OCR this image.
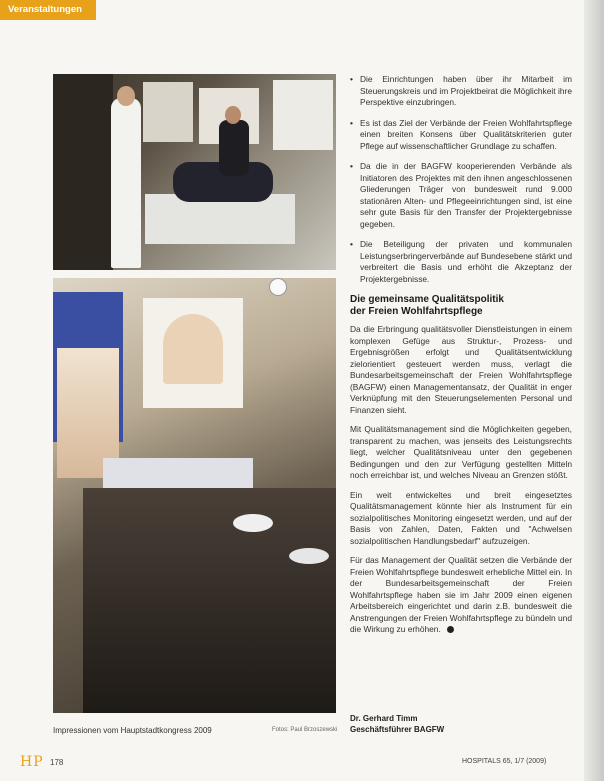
Veranstaltungen
Impressionen vom Hauptstadtkongress 2009	Fotos: Paul Brzoszewski
• Die Einrichtungen haben über ihr Mitarbeit im Steuerungskreis und im Projektbeirat die Möglichkeit ihre Perspektive einzubringen.
• Es ist das Ziel der Verbände der Freien Wohlfahrtspflege einen breiten Konsens über Qualitätskriterien guter Pflege auf wissenschaftlicher Grundlage zu schaffen.
• Da die in der BAGFW kooperierenden Verbände als Initiatoren des Projektes mit den ihnen angeschlossenen Gliederungen Träger von bundesweit rund 9.000 stationären Alten- und Pflegeeinrichtungen sind, ist eine sehr gute Basis für den Transfer der Projektergebnisse gegeben.
• Die Beteiligung der privaten und kommunalen Leistungserbringerverbände auf Bundesebene stärkt und verbreitert die Basis und erhöht die Akzeptanz der Projektergebnisse.
Die gemeinsame Qualitätspolitik
der Freien Wohlfahrtspflege

Da die Erbringung qualitätsvoller Dienstleistungen in einem komplexen Gefüge aus Struktur-, Prozess- und Ergebnisgrößen erfolgt und Qualitätsentwicklung zielorientiert gesteuert werden muss, verlagt die Bundesarbeitsgemeinschaft der Freien Wohlfahrtspflege (BAGFW) einen Managementansatz, der Qualität in enger Verknüpfung mit den Steuerungselementen Personal und Finanzen sieht.

Mit Qualitätsmanagement sind die Möglichkeiten gegeben, transparent zu machen, was jenseits des Leistungsrechts liegt, welcher Qualitätsniveau unter den gegebenen Bedingungen und den zur Verfügung gestellten Mitteln noch erreichbar ist, und welches Niveau an Grenzen stößt.

Ein weit entwickeltes und breit eingesetztes Qualitätsmanagement könnte hier als Instrument für ein sozialpolitisches Monitoring eingesetzt werden, und auf der Basis von Zahlen, Daten, Fakten und "Achwelsen sozialpolitischen Handlungsbedarf" aufzuzeigen.

Für das Management der Qualität setzen die Verbände der Freien Wohlfahrtspflege bundesweit erhebliche Mittel ein. In der Bundesarbeitsgemeinschaft der Freien Wohlfahrtspflege haben sie im Jahr 2009 einen eigenen Arbeitsbereich eingerichtet und darin z.B. bundesweit die Anstrengungen der Freien Wohlfahrtspflege zu bündeln und die Wirkung zu erhöhen.

Dr. Gerhard Timm
Geschäftsführer BAGFW
HP 178	HOSPITALS 65, 1/7 (2009)
